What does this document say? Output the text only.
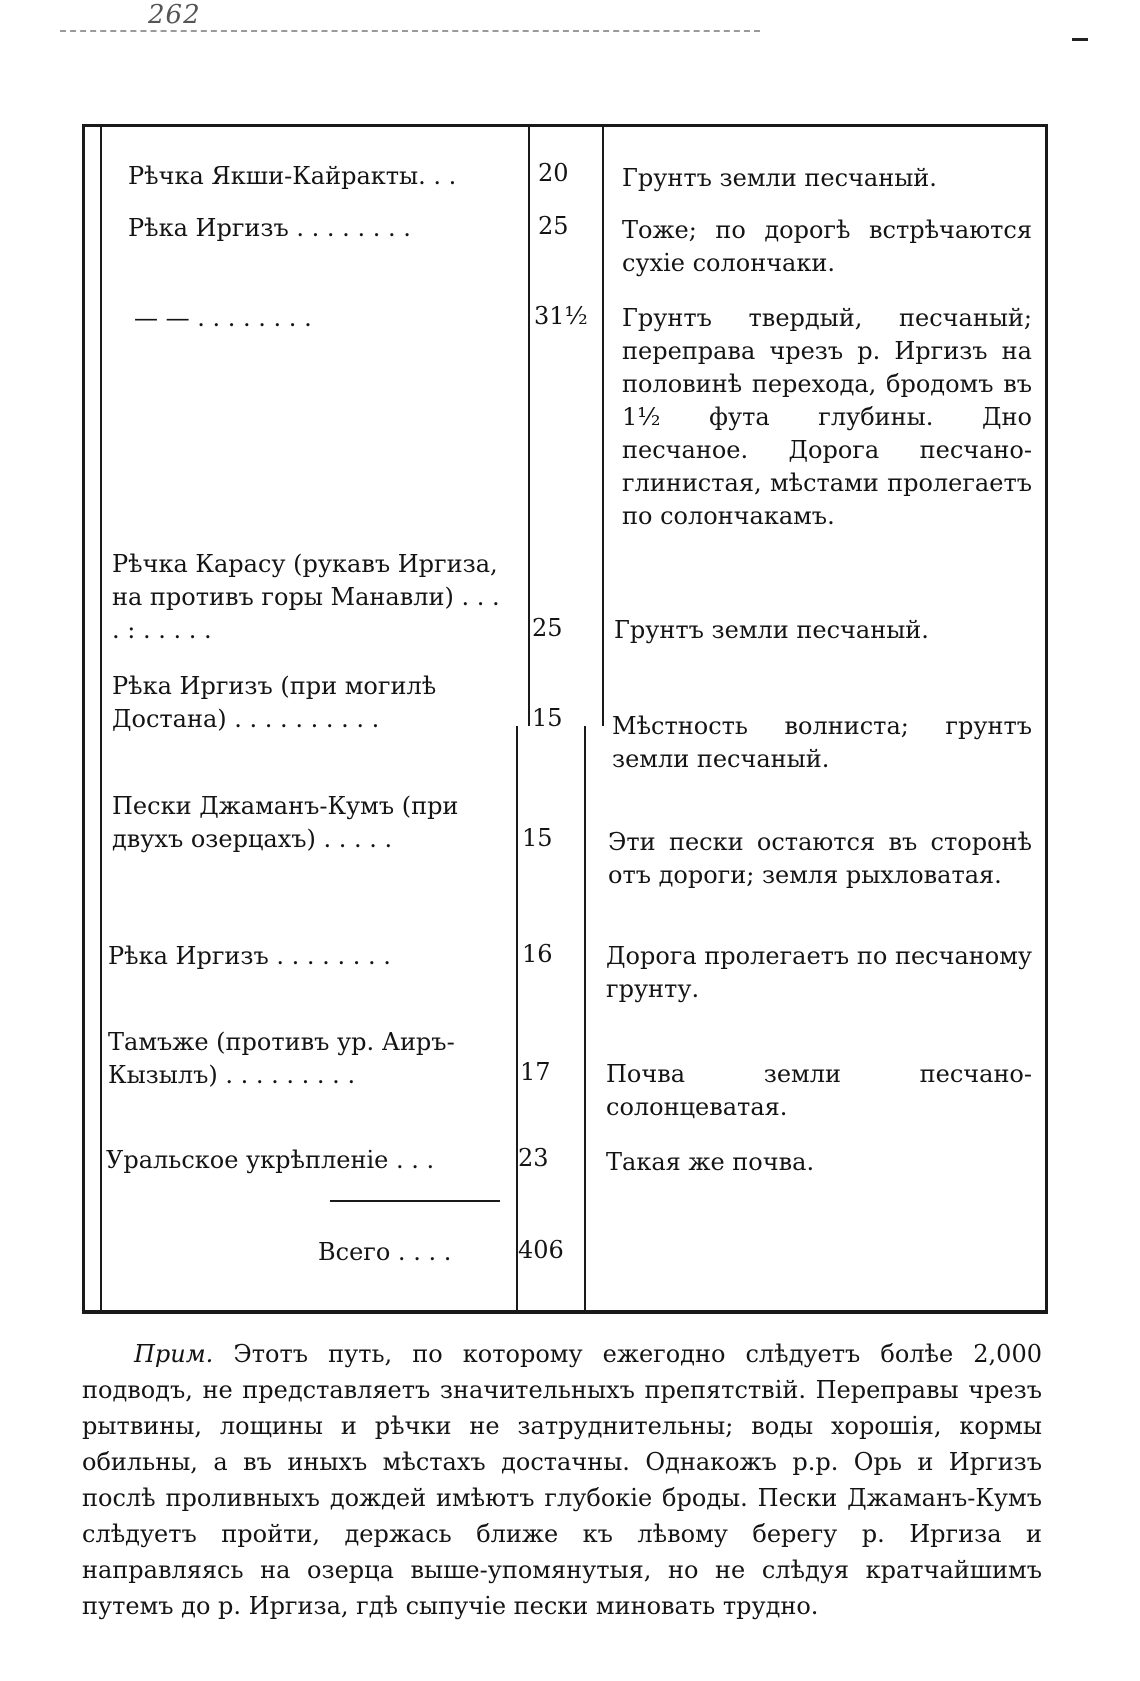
262
Рѣчка Якши-Кайракты. . .	20	Грунтъ земли песчаный.
Рѣка Иргизъ . . . . . . . .	25	Тоже; по дорогѣ встрѣчаются сухіе солончаки.
— — . . . . . . . .	31½ Грунтъ твердый, песчаный; переправа чрезъ р. Иргизъ на половинѣ перехода, бродомъ въ 1½ фута глубины. Дно песчаное. Дорога песчано-глинистая, мѣстами пролегаетъ по солончакамъ.
Рѣчка Карасу (рукавъ Иргиза, на противъ горы Манавли) . . . . : . . . . .	25	Грунтъ земли песчаный.
Рѣка Иргизъ (при могилѣ Достана) . . . . . . . . . .	15	Мѣстность волниста; грунтъ земли песчаный.
Пески Джаманъ-Кумъ (при двухъ озерцахъ) . . . . .	15	Эти пески остаются въ сторонѣ отъ дороги; земля рыхловатая.
Рѣка Иргизъ . . . . . . . .	16	Дорога пролегаетъ по песчаному грунту.
Тамъже (противъ ур. Аиръ-Кызылъ) . . . . . . . . .	17	Почва земли песчано-солонцеватая.
Уральское укрѣпленіе . . .	23	Такая же почва.
Всего . . . .	406
Прим. Этотъ путь, по которому ежегодно слѣдуетъ болѣе 2,000 подводъ, не представляетъ значительныхъ препятствій. Переправы чрезъ рытвины, лощины и рѣчки не затруднительны; воды хорошія, кормы обильны, а въ иныхъ мѣстахъ достачны. Однакожъ р.р. Орь и Иргизъ послѣ проливныхъ дождей имѣютъ глубокіе броды. Пески Джаманъ-Кумъ слѣдуетъ пройти, держась ближе къ лѣвому берегу р. Иргиза и направляясь на озерца выше-упомянутыя, но не слѣдуя кратчайшимъ путемъ до р. Иргиза, гдѣ сыпучіе пески миновать трудно.
